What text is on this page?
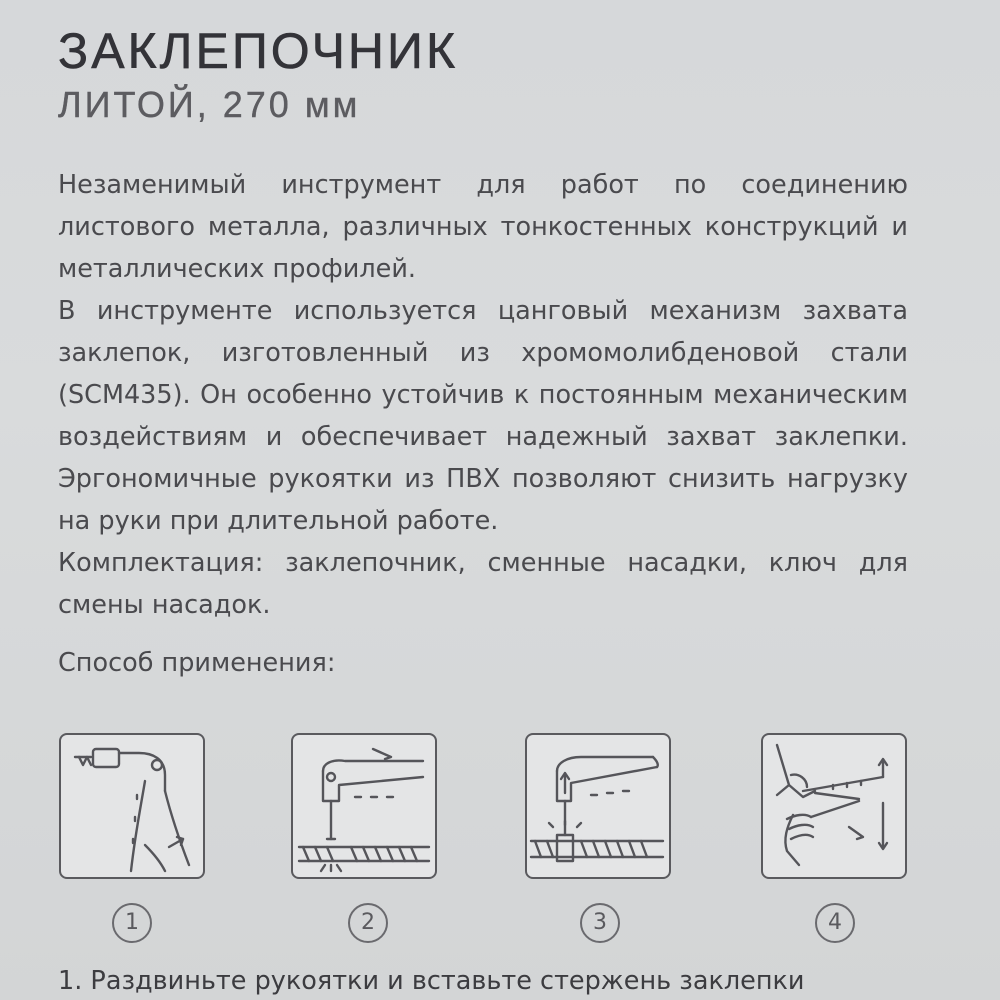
ЗАКЛЕПОЧНИК
ЛИТОЙ, 270 мм

Незаменимый инструмент для работ по соединению листового металла, различных тонкостенных конструкций и металлических профилей.

В инструменте используется цанговый механизм захвата заклепок, изготовленный из хромомолибденовой стали (SCM435). Он особенно устойчив к постоянным механическим воздействиям и обеспечивает надежный захват заклепки. Эргономичные рукоятки из ПВХ позволяют снизить нагрузку на руки при длительной работе.

Комплектация: заклепочник, сменные насадки, ключ для смены насадок.

Способ применения:
1	2	3	4
1. Раздвиньте рукоятки и вставьте стержень заклепки
